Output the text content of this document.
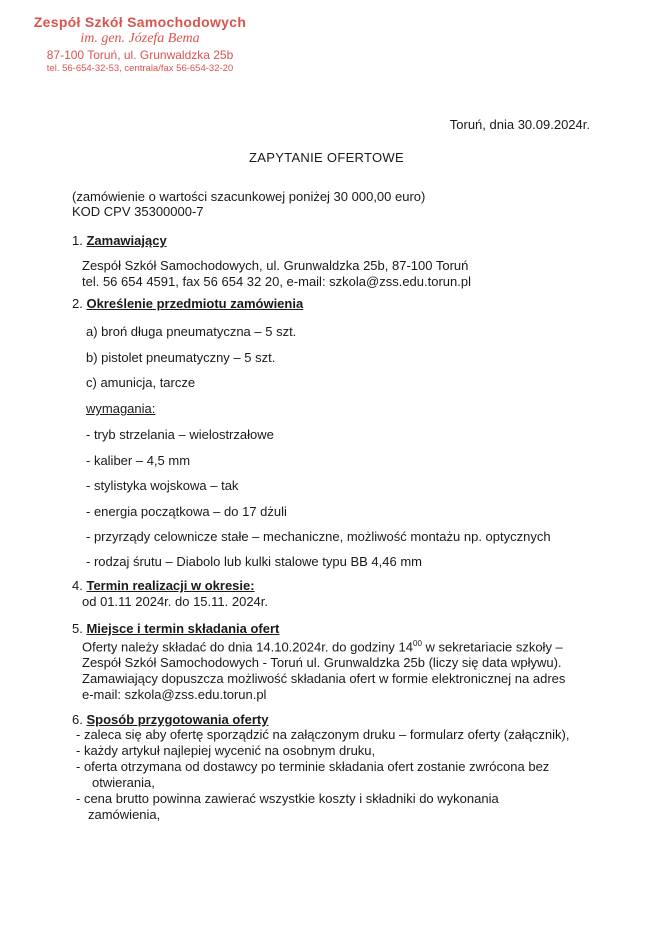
Zespół Szkół Samochodowych
im. gen. Józefa Bema
87-100 Toruń, ul. Grunwaldzka 25b
tel. 56-654-32-53, centrala/fax 56-654-32-20
Toruń, dnia 30.09.2024r.
ZAPYTANIE OFERTOWE
(zamówienie o wartości szacunkowej poniżej 30 000,00 euro)
KOD CPV 35300000-7
1. Zamawiający
Zespół Szkół Samochodowych, ul. Grunwaldzka 25b, 87-100 Toruń
tel. 56 654 4591, fax 56 654 32 20, e-mail: szkola@zss.edu.torun.pl
2. Określenie przedmiotu zamówienia
a) broń długa pneumatyczna – 5 szt.
b) pistolet pneumatyczny – 5 szt.
c) amunicja, tarcze
wymagania:
- tryb strzelania – wielostrzałowe
- kaliber – 4,5 mm
- stylistyka wojskowa – tak
- energia początkowa – do 17 dżuli
- przyrządy celownicze stałe – mechaniczne, możliwość montażu np. optycznych
- rodzaj śrutu – Diabolo lub kulki stalowe typu BB 4,46 mm
4. Termin realizacji w okresie:
od 01.11 2024r. do 15.11. 2024r.
5. Miejsce i termin składania ofert
Oferty należy składać do dnia 14.10.2024r. do godziny $14^{00}$ w sekretariacie szkoły –
Zespół Szkół Samochodowych - Toruń ul. Grunwaldzka 25b (liczy się data wpływu).
Zamawiający dopuszcza możliwość składania ofert w formie elektronicznej na adres
e-mail: szkola@zss.edu.torun.pl
6. Sposób przygotowania oferty
- zaleca się aby ofertę sporządzić na załączonym druku – formularz oferty (załącznik),
- każdy artykuł najlepiej wycenić na osobnym druku,
- oferta otrzymana od dostawcy po terminie składania ofert zostanie zwrócona bez
otwierania,
- cena brutto powinna zawierać wszystkie koszty i składniki do wykonania
zamówienia,
